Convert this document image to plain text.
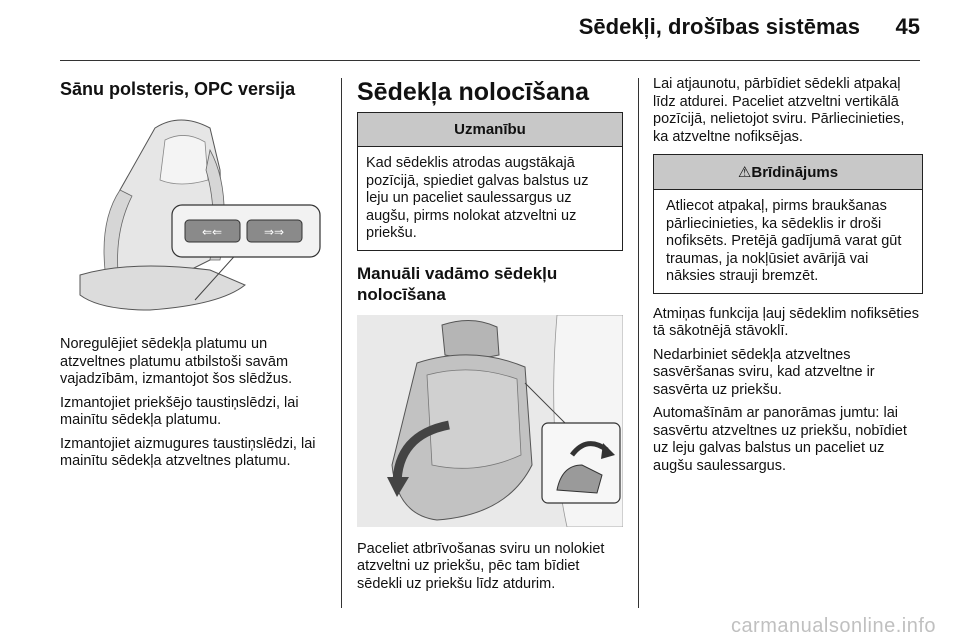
Sēdekļi, drošības sistēmas 45
Sānu polsteris, OPC versija
⇐⇐	⇒⇒

Noregulējiet sēdekļa platumu un atzveltnes platumu atbilstoši savām vajadzībām, izmantojot šos slēdžus.

Izmantojiet priekšējo taustiņslēdzi, lai mainītu sēdekļa platumu.

Izmantojiet aizmugures taustiņslēdzi, lai mainītu sēdekļa atzveltnes platumu.

Sēdekļa nolocīšana
Uzmanību
Kad sēdeklis atrodas augstākajā pozīcijā, spiediet galvas balstus uz leju un paceliet saulessargus uz augšu, pirms nolokat atzveltni uz priekšu.
Manuāli vadāmo sēdekļu nolocīšana

Paceliet atbrīvošanas sviru un nolokiet atzveltni uz priekšu, pēc tam bīdiet sēdekli uz priekšu līdz atdurim.

Lai atjaunotu, pārbīdiet sēdekli atpakaļ līdz atdurei. Paceliet atzveltni vertikālā pozīcijā, nelietojot sviru. Pārliecinieties, ka atzveltne nofiksējas.

⚠Brīdinājums
Atliecot atpakaļ, pirms braukšanas pārliecinieties, ka sēdeklis ir droši nofiksēts. Pretējā gadījumā varat gūt traumas, ja nokļūsiet avārijā vai nāksies strauji bremzēt.

Atmiņas funkcija ļauj sēdeklim nofiksēties tā sākotnējā stāvoklī.

Nedarbiniet sēdekļa atzveltnes sasvēršanas sviru, kad atzveltne ir sasvērta uz priekšu.

Automašīnām ar panorāmas jumtu: lai sasvērtu atzveltnes uz priekšu, nobīdiet uz leju galvas balstus un paceliet uz augšu saulessargus.

carmanualsonline.info
